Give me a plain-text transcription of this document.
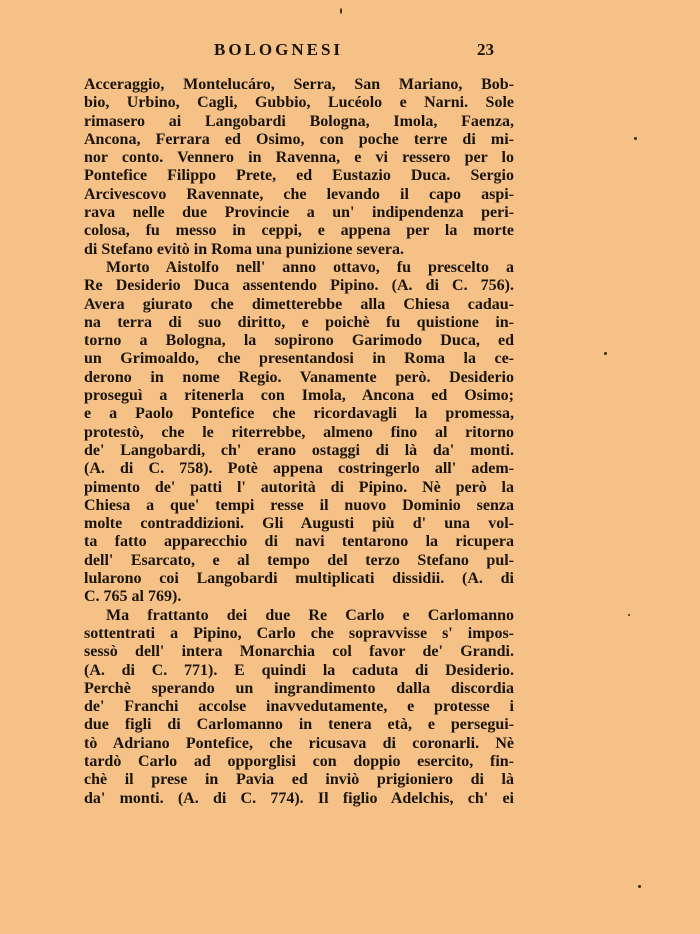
BOLOGNESI	23
Acceraggio, Monteluсáro, Serra, San Mariano, Bob-
bio, Urbino, Cagli, Gubbio, Lucéolo e Narni. Sole
rimasero ai Langobardi Bologna, Imola, Faenza,
Ancona, Ferrara ed Osimo, con poche terre di mi-
nor conto. Vennero in Ravenna, e vi ressero per lo
Pontefice Filippo Prete, ed Eustazio Duca. Sergio
Arcivescovo Ravennate, che levando il capo aspi-
rava nelle due Provincie a un' indipendenza peri-
colosa, fu messo in ceppi, e appena per la morte
di Stefano evitò in Roma una punizione severa.
Morto Aistolfo nell' anno ottavo, fu prescelto a
Re Desiderio Duca assentendo Pipino. (A. di C. 756).
Avera giurato che dimetterebbe alla Chiesa cadau-
na terra di suo diritto, e poichè fu quistione in-
torno a Bologna, la sopirono Garimodo Duca, ed
un Grimoaldo, che presentandosi in Roma la ce-
derono in nome Regio. Vanamente però. Desiderio
proseguì a ritenerla con Imola, Ancona ed Osimo;
e a Paolo Pontefice che ricordavagli la promessa,
protestò, che le riterrebbe, almeno fino al ritorno
de' Langobardi, ch' erano ostaggi di là da' monti.
(A. di C. 758). Potè appena costringerlo all' adem-
pimento de' patti l' autorità di Pipino. Nè però la
Chiesa a que' tempi resse il nuovo Dominio senza
molte contraddizioni. Gli Augusti più d' una vol-
ta fatto apparecchio di navi tentarono la ricupera
dell' Esarcato, e al tempo del terzo Stefano pul-
lularono coi Langobardi multiplicati dissidii. (A. di
C. 765 al 769).
Ma frattanto dei due Re Carlo e Carlomanno
sottentrati a Pipino, Carlo che sopravvisse s' impos-
sessò dell' intera Monarchia col favor de' Grandi.
(A. di C. 771). E quindi la caduta di Desiderio.
Perchè sperando un ingrandimento dalla discordia
de' Franchi accolse inavvedutamente, e protesse i
due figli di Carlomanno in tenera età, e persegui-
tò Adriano Pontefice, che ricusava di coronarli. Nè
tardò Carlo ad opporglisi con doppio esercito, fin-
chè il prese in Pavia ed inviò prigioniero di là
da' monti. (A. di C. 774). Il figlio Adelchis, ch' ei
